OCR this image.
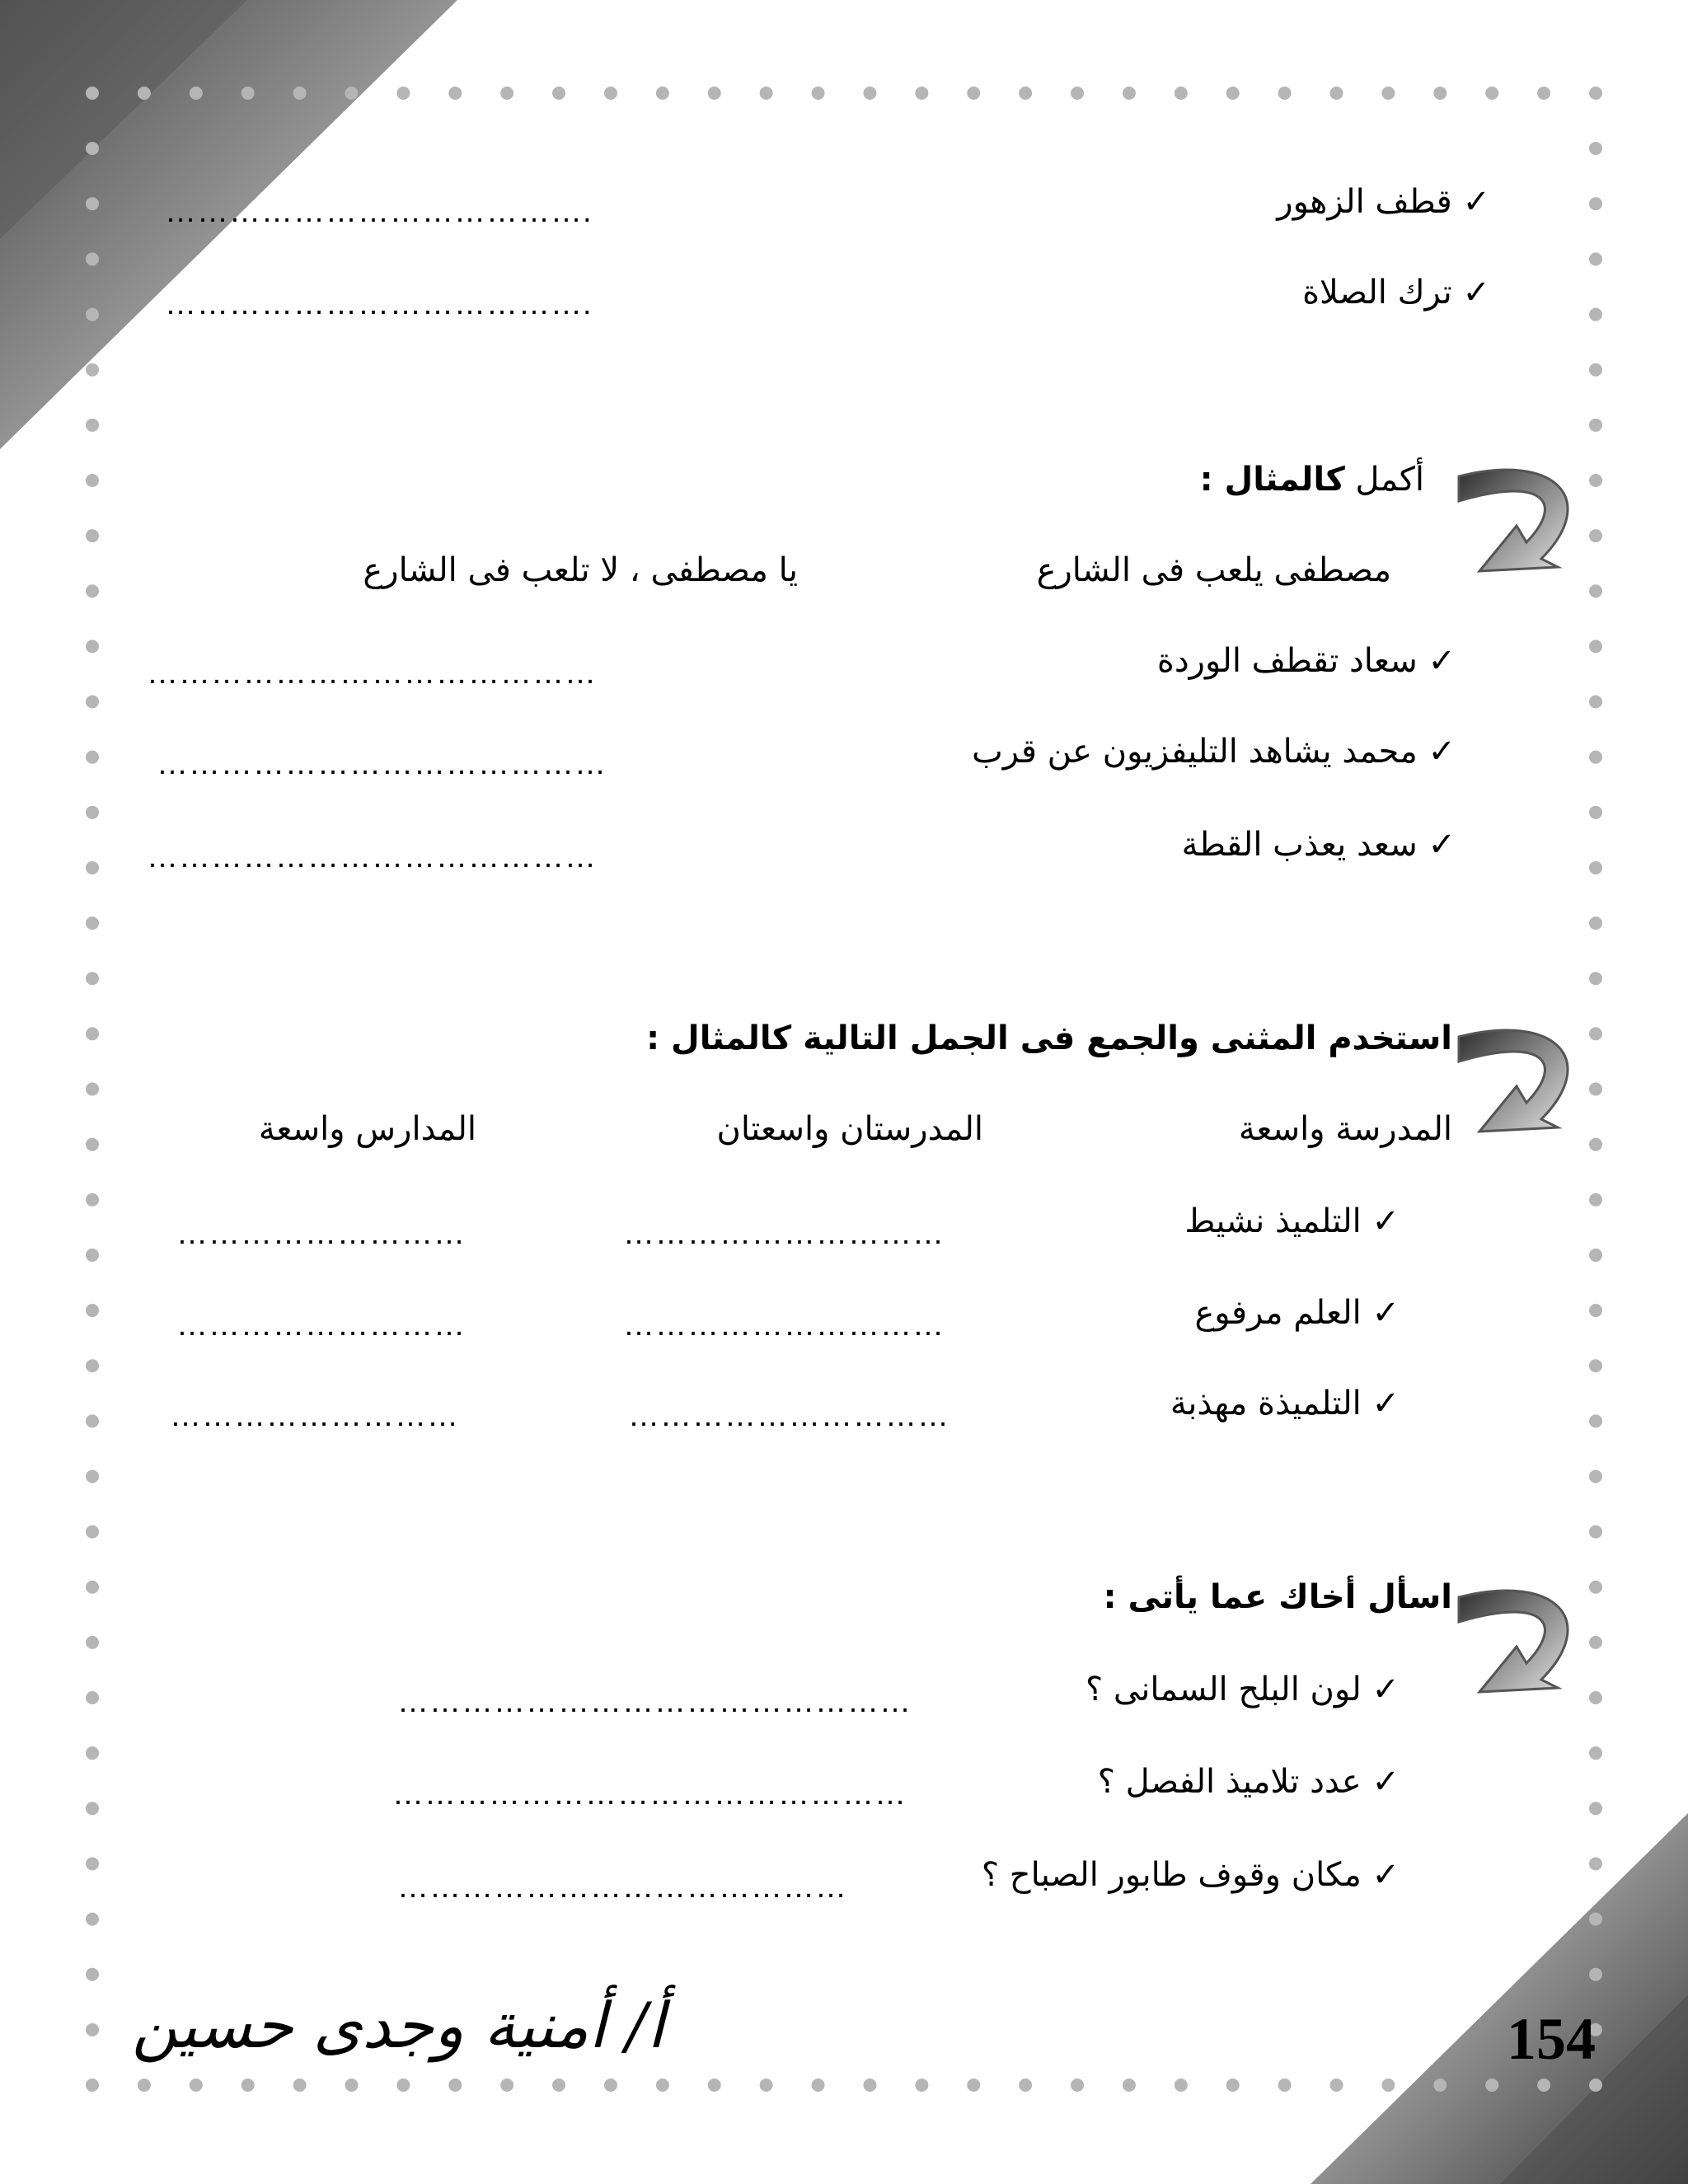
✓ قطف الزهور
………………………………….
✓ ترك الصلاة
………………………………….
أكمل كالمثال :
مصطفى يلعب فى الشارع
يا مصطفى ، لا تلعب فى الشارع
✓ سعاد تقطف الوردة
……………………………………
✓ محمد يشاهد التليفزيون عن قرب
……………………………………
✓ سعد يعذب القطة
……………………………………
استخدم المثنى والجمع فى الجمل التالية كالمثال :
المدرسة واسعة
المدرستان واسعتان
المدارس واسعة
✓ التلميذ نشيط
…………………………
………………………
✓ العلم مرفوع
…………………………
………………………
✓ التلميذة مهذبة
…………………………
………………………
اسأل أخاك عما يأتى :
✓ لون البلح السمانى ؟
…………………………………………
✓ عدد تلاميذ الفصل ؟
…………………………………………
✓ مكان وقوف طابور الصباح ؟
……………………………………
أ/ أمنية وجدى حسين	154
